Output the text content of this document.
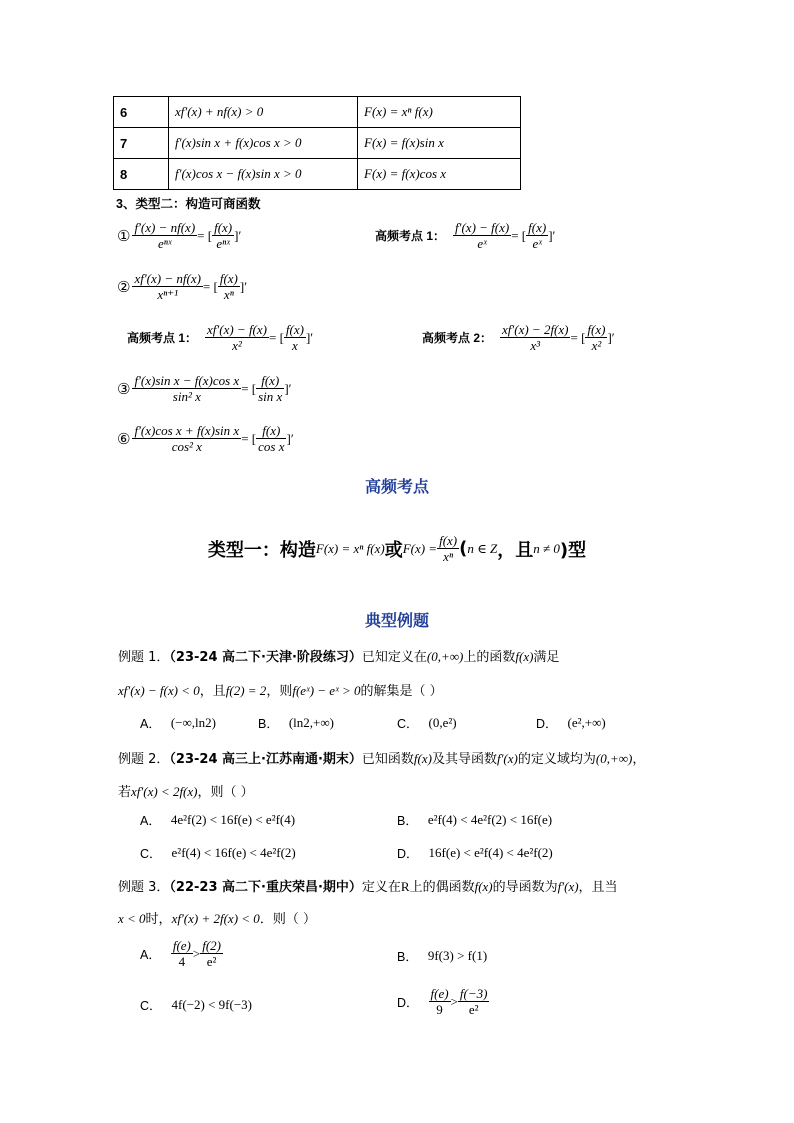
6	xf′(x) + nf(x) > 0	F(x) = xⁿ f(x)
7	f′(x)sin x + f(x)cos x > 0	F(x) = f(x)sin x
8	f′(x)cos x − f(x)sin x > 0	F(x) = f(x)cos x
3、类型二：构造可商函数
① $\frac{f'(x) - nf(x)}{\text{eⁿˣ}}$ = [ $\frac{f(x)}{\text{eⁿˣ}}$ ]′	高频考点 1： $\frac{f'(x) - f(x)}{\text{eˣ}}$ = [ $\frac{f(x)}{\text{eˣ}}$ ]′
② $\frac{xf'(x) - nf(x)}{\text{xⁿ⁺¹}}$ = [ $\frac{f(x)}{\text{xⁿ}}$ ]′
高频考点 1： $\frac{xf'(x) - f(x)}{\text{x²}}$ = [ $\frac{f(x)}{x}$ ]′	高频考点 2： $\frac{xf'(x) - 2f(x)}{\text{x³}}$ = [ $\frac{f(x)}{\text{x²}}$ ]′
③ $\frac{\text{f′(x)sin x − f(x)cos x}}{\text{sin² x}}$ = [ $\frac{f(x)}{\text{sin x}}$ ]′
⑥ $\frac{\text{f′(x)cos x + f(x)sin x}}{\text{cos² x}}$ = [ $\frac{f(x)}{\text{cos x}}$ ]′
高频考点
类型一：构造 F(x) = xⁿ f(x) 或 $F(x) = \frac{f(x)}{\text{xⁿ}}$ ( n ∈ Z ，且 n ≠ 0 )型
典型例题
例题 1．（23-24 高二下·天津·阶段练习）已知定义在(0,+∞)上的函数f(x)满足
xf′(x) − f(x) < 0，且f(2) = 2，则f(eˣ) − eˣ > 0的解集是（ ）
A． (−∞,ln2)	B． (ln2,+∞)	C． (0,e²)	D． (e²,+∞)
例题 2．（23-24 高三上·江苏南通·期末）已知函数f(x)及其导函数f′(x)的定义域均为(0,+∞)，
若xf′(x) < 2f(x)，则（ ）
A． 4e²f(2) < 16f(e) < e²f(4)	B． e²f(4) < 4e²f(2) < 16f(e)
C． e²f(4) < 16f(e) < 4e²f(2)	D． 16f(e) < e²f(4) < 4e²f(2)
例题 3．（22-23 高二下·重庆荣昌·期中）定义在R上的偶函数f(x)的导函数为f′(x)，且当
x < 0时，xf′(x) + 2f(x) < 0．则（ ）
A． $\frac{f(e)}{4} > \frac{f(2)}{\text{e²}}$	B． 9f(3) > f(1)
C． 4f(−2) < 9f(−3)	D． $\frac{f(e)}{9} > \frac{f(-3)}{\text{e²}}$
